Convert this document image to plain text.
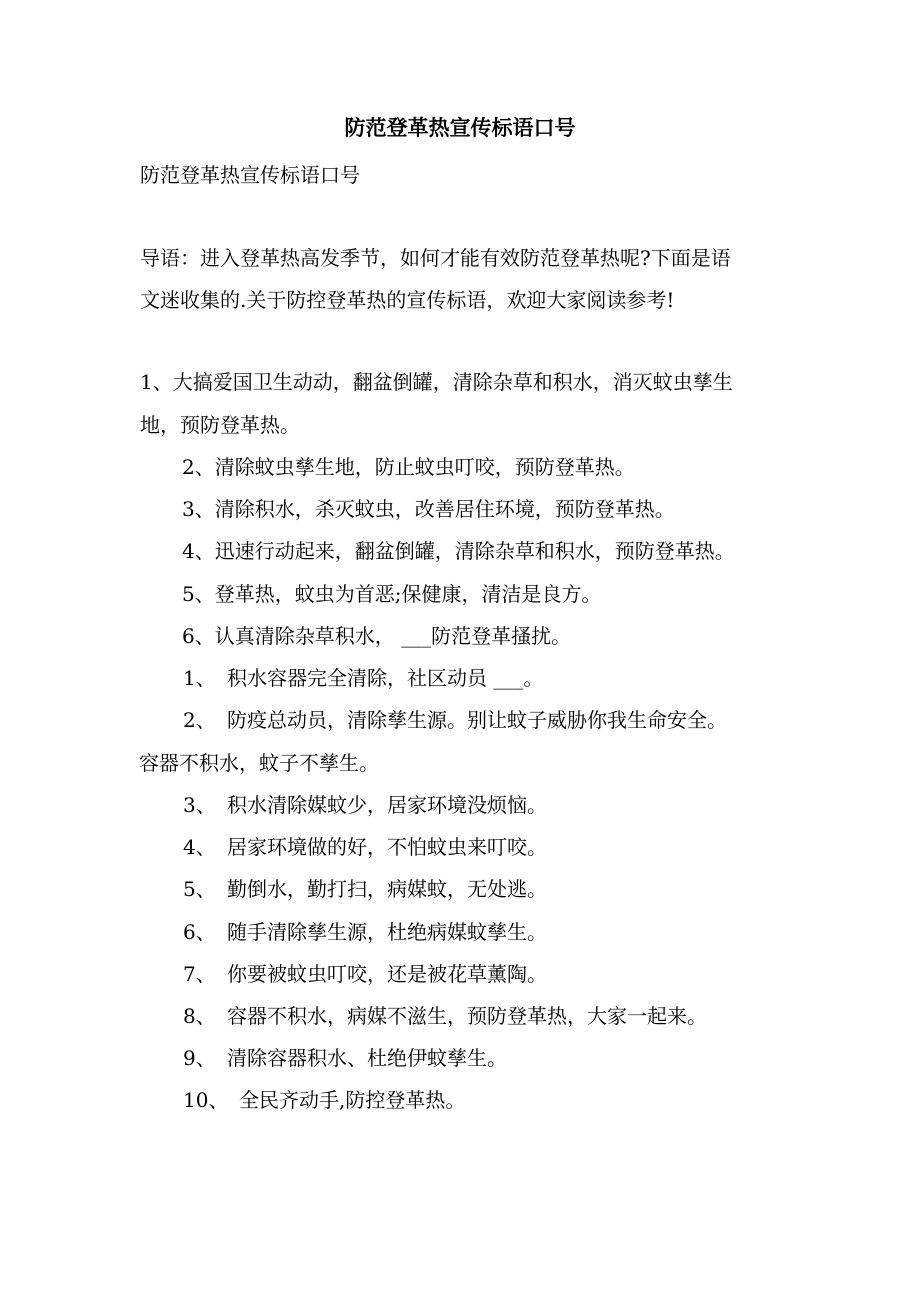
防范登革热宣传标语口号
防范登革热宣传标语口号
导语：进入登革热高发季节，如何才能有效防范登革热呢?下面是语
文迷收集的.关于防控登革热的宣传标语，欢迎大家阅读参考!
1、大搞爱国卫生动动，翻盆倒罐，清除杂草和积水，消灭蚊虫孳生
地，预防登革热。
2、清除蚊虫孳生地，防止蚊虫叮咬，预防登革热。
3、清除积水，杀灭蚊虫，改善居住环境，预防登革热。
4、迅速行动起来，翻盆倒罐，清除杂草和积水，预防登革热。
5、登革热，蚊虫为首恶;保健康，清洁是良方。
6、认真清除杂草积水， ___防范登革搔扰。
1、 积水容器完全清除，社区动员 ___。
2、 防疫总动员，清除孳生源。别让蚊子威胁你我生命安全。
容器不积水，蚊子不孳生。
3、 积水清除媒蚊少，居家环境没烦恼。
4、 居家环境做的好，不怕蚊虫来叮咬。
5、 勤倒水，勤打扫，病媒蚊，无处逃。
6、 随手清除孳生源，杜绝病媒蚊孳生。
7、 你要被蚊虫叮咬，还是被花草薰陶。
8、 容器不积水，病媒不滋生，预防登革热，大家一起来。
9、 清除容器积水、杜绝伊蚊孳生。
10、 全民齐动手,防控登革热。
